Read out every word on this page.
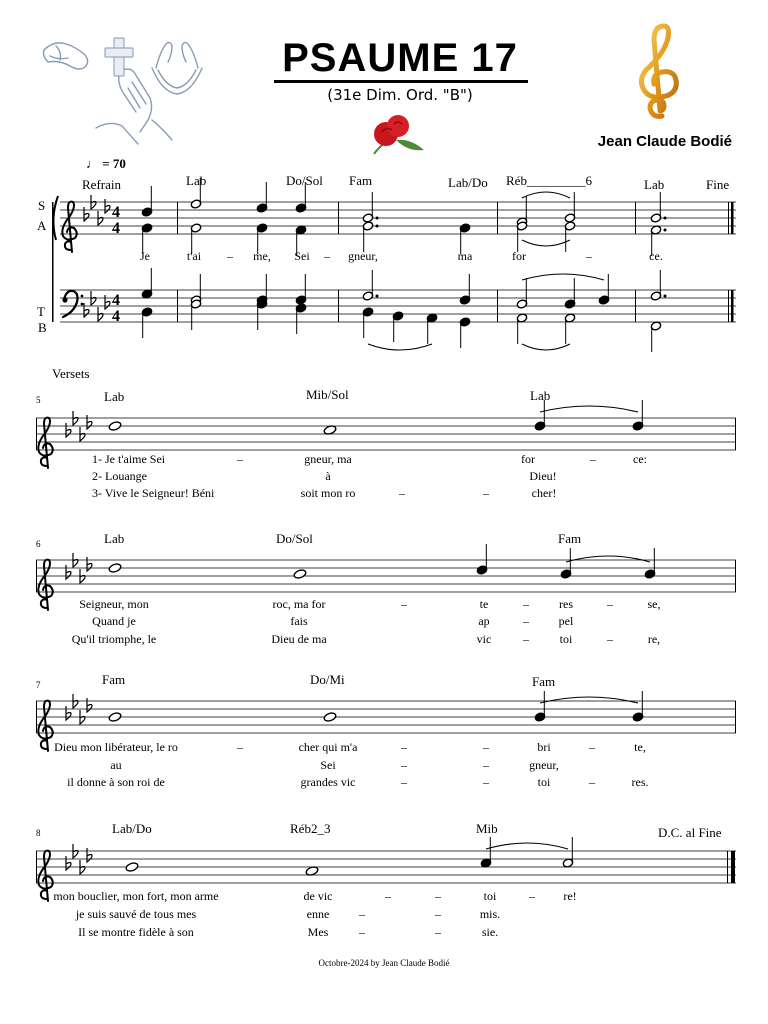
PSAUME 17
(31e Dim. Ord. "B")
Jean Claude Bodié
♩ = 70
Refrain	Fine
Versets
D.C. al Fine
S
A
T
B
5
6
7
8
Lab	Do/Sol Fam	Lab/Do Réb_________6	Lab
Lab	Mib/Sol	Lab
Lab	Do/Sol	Fam
Fam	Do/Mi	Fam
Lab/Do	Réb2_3	Mib
Je	t'ai – me, Sei – gneur,	ma	for	–	ce.
1- Je t'aime Sei	–	gneur, ma	for	–	ce:
2- Louange	à	Dieu!
3- Vive le Seigneur! Béni	soit mon ro	–	–	cher!
Seigneur, mon	roc, ma for	–	te	–	res	–	se,
Quand je	fais	ap	– pel
Qu'il triomphe, le	Dieu de ma	vic	–	toi	–	re,
Dieu mon libérateur, le ro	–	cher qui m'a	–	–	bri	–	te,
au	Sei	–	–	gneur,
il donne à son roi de	grandes vic	–	–	toi	–	res.
mon bouclier, mon fort, mon arme	de vic	–	–	toi	– re!
je suis sauvé de tous mes	enne –	–	mis.
Il se montre fidèle à son	Mes	–	–	sie.
Octobre-2024 by Jean Claude Bodié
4
4
4
4
